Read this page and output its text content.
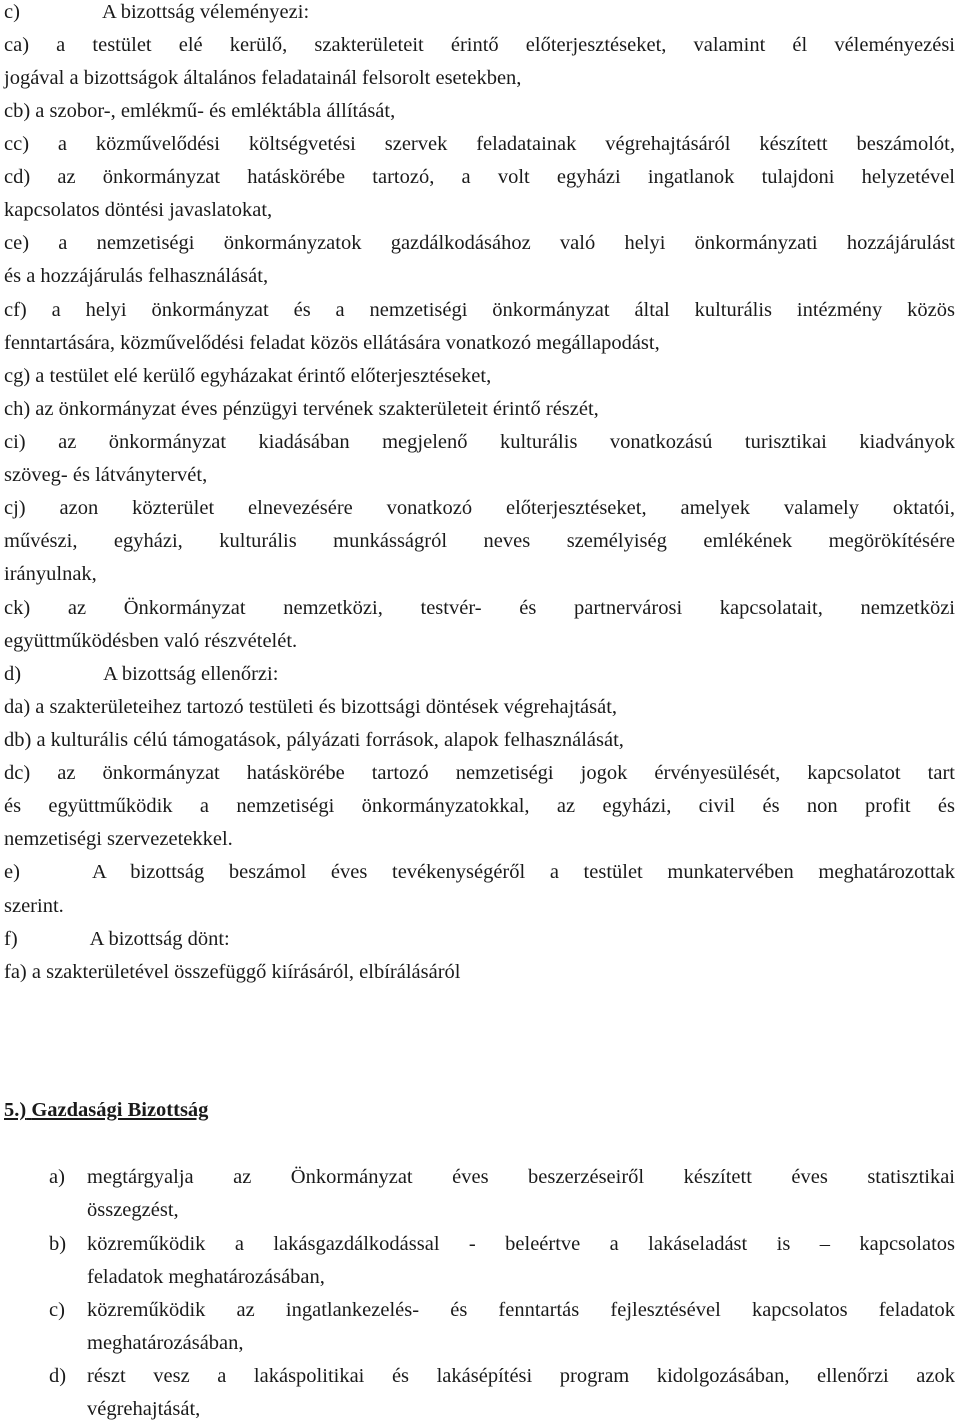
c)	A bizottság véleményezi:
ca) a testület elé kerülő, szakterületeit érintő előterjesztéseket, valamint él véleményezési
jogával a bizottságok általános feladatainál felsorolt esetekben,
cb) a szobor-, emlékmű- és emléktábla állítását,
cc) a közművelődési költségvetési szervek feladatainak végrehajtásáról készített beszámolót,
cd) az önkormányzat hatáskörébe tartozó, a volt egyházi ingatlanok tulajdoni helyzetével
kapcsolatos döntési javaslatokat,
ce) a nemzetiségi önkormányzatok gazdálkodásához való helyi önkormányzati hozzájárulást
és a hozzájárulás felhasználását,
cf) a helyi önkormányzat és a nemzetiségi önkormányzat által kulturális intézmény közös
fenntartására, közművelődési feladat közös ellátására vonatkozó megállapodást,
cg) a testület elé kerülő egyházakat érintő előterjesztéseket,
ch) az önkormányzat éves pénzügyi tervének szakterületeit érintő részét,
ci) az önkormányzat kiadásában megjelenő kulturális vonatkozású turisztikai kiadványok
szöveg- és látványtervét,
cj) azon közterület elnevezésére vonatkozó előterjesztéseket, amelyek valamely oktatói,
művészi, egyházi, kulturális munkásságról neves személyiség emlékének megörökítésére
irányulnak,
ck) az Önkormányzat nemzetközi, testvér- és partnervárosi kapcsolatait, nemzetközi
együttműködésben való részvételét.
d)	A bizottság ellenőrzi:
da) a szakterületeihez tartozó testületi és bizottsági döntések végrehajtását,
db) a kulturális célú támogatások, pályázati források, alapok felhasználását,
dc) az önkormányzat hatáskörébe tartozó nemzetiségi jogok érvényesülését, kapcsolatot tart
és együttműködik a nemzetiségi önkormányzatokkal, az egyházi, civil és non profit és
nemzetiségi szervezetekkel.
e)	A bizottság beszámol éves tevékenységéről a testület munkatervében meghatározottak
szerint.
f)	A bizottság dönt:
fa) a szakterületével összefüggő kiírásáról, elbírálásáról
5.) Gazdasági Bizottság
a) megtárgyalja az Önkormányzat éves beszerzéseiről készített éves statisztikai
összegzést,
b) közreműködik a lakásgazdálkodással - beleértve a lakáseladást is – kapcsolatos
feladatok meghatározásában,
c) közreműködik az ingatlankezelés- és fenntartás fejlesztésével kapcsolatos feladatok
meghatározásában,
d) részt vesz a lakáspolitikai és lakásépítési program kidolgozásában, ellenőrzi azok
végrehajtását,
